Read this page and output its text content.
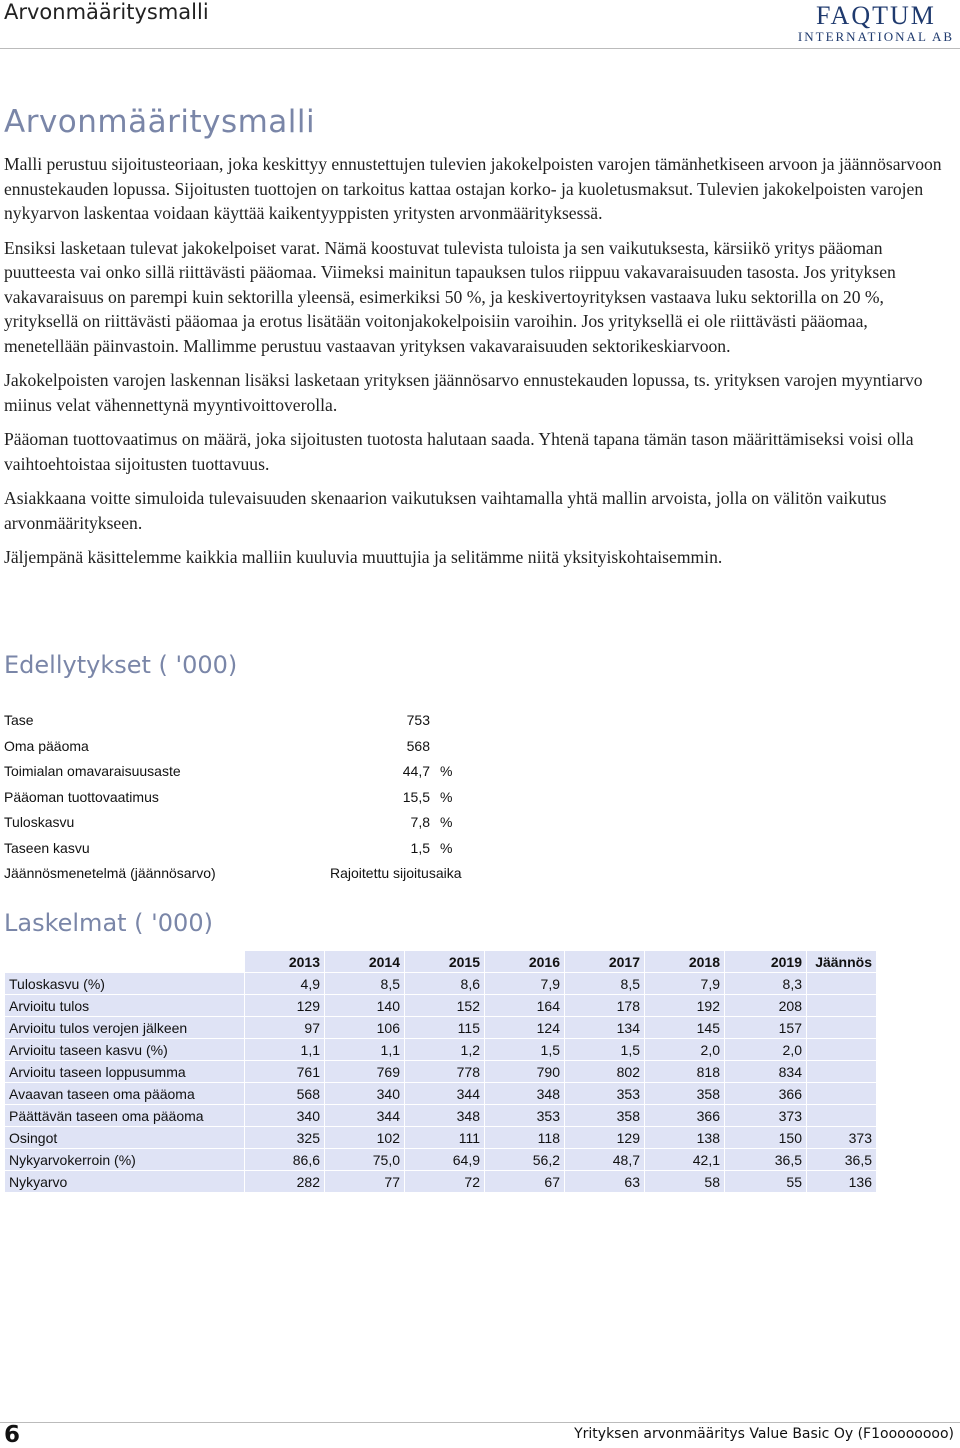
Arvonmääritysmalli	FAQTUM
INTERNATIONAL AB
Arvonmääritysmalli

Malli perustuu sijoitusteoriaan, joka keskittyy ennustettujen tulevien jakokelpoisten varojen tämänhetkiseen arvoon ja jäännösarvoon ennustekauden lopussa. Sijoitusten tuottojen on tarkoitus kattaa ostajan korko- ja kuoletusmaksut. Tulevien jakokelpoisten varojen nykyarvon laskentaa voidaan käyttää kaikentyyppisten yritysten arvonmäärityksessä.

Ensiksi lasketaan tulevat jakokelpoiset varat. Nämä koostuvat tulevista tuloista ja sen vaikutuksesta, kärsiikö yritys pääoman puutteesta vai onko sillä riittävästi pääomaa. Viimeksi mainitun tapauksen tulos riippuu vakavaraisuuden tasosta. Jos yrityksen vakavaraisuus on parempi kuin sektorilla yleensä, esimerkiksi 50 %, ja keskivertoyrityksen vastaava luku sektorilla on 20 %, yrityksellä on riittävästi pääomaa ja erotus lisätään voitonjakokelpoisiin varoihin. Jos yrityksellä ei ole riittävästi pääomaa, menetellään päinvastoin. Mallimme perustuu vastaavan yrityksen vakavaraisuuden sektorikeskiarvoon.

Jakokelpoisten varojen laskennan lisäksi lasketaan yrityksen jäännösarvo ennustekauden lopussa, ts. yrityksen varojen myyntiarvo miinus velat vähennettynä myyntivoittoverolla.

Pääoman tuottovaatimus on määrä, joka sijoitusten tuotosta halutaan saada. Yhtenä tapana tämän tason määrittämiseksi voisi olla vaihtoehtoistaa sijoitusten tuottavuus.

Asiakkaana voitte simuloida tulevaisuuden skenaarion vaikutuksen vaihtamalla yhtä mallin arvoista, jolla on välitön vaikutus arvonmääritykseen.

Jäljempänä käsittelemme kaikkia malliin kuuluvia muuttujia ja selitämme niitä yksityiskohtaisemmin.

Edellytykset ( '000)
Tase	753
Oma pääoma	568
Toimialan omavaraisuusaste	44,7 %
Pääoman tuottovaatimus	15,5 %
Tuloskasvu	7,8 %
Taseen kasvu	1,5 %
Jäännösmenetelmä (jäännösarvo)	Rajoitettu sijoitusaika
Laskelmat ( '000)
	2013	2014	2015	2016	2017	2018	2019	Jäännös
Tuloskasvu (%)	4,9	8,5	8,6	7,9	8,5	7,9	8,3	
Arvioitu tulos	129	140	152	164	178	192	208	
Arvioitu tulos verojen jälkeen	97	106	115	124	134	145	157	
Arvioitu taseen kasvu (%)	1,1	1,1	1,2	1,5	1,5	2,0	2,0	
Arvioitu taseen loppusumma	761	769	778	790	802	818	834	
Avaavan taseen oma pääoma	568	340	344	348	353	358	366	
Päättävän taseen oma pääoma	340	344	348	353	358	366	373	
Osingot	325	102	111	118	129	138	150	373
Nykyarvokerroin (%)	86,6	75,0	64,9	56,2	48,7	42,1	36,5	36,5
Nykyarvo	282	77	72	67	63	58	55	136
6	Yrityksen arvonmääritys Value Basic Oy (F1oooooooo)
